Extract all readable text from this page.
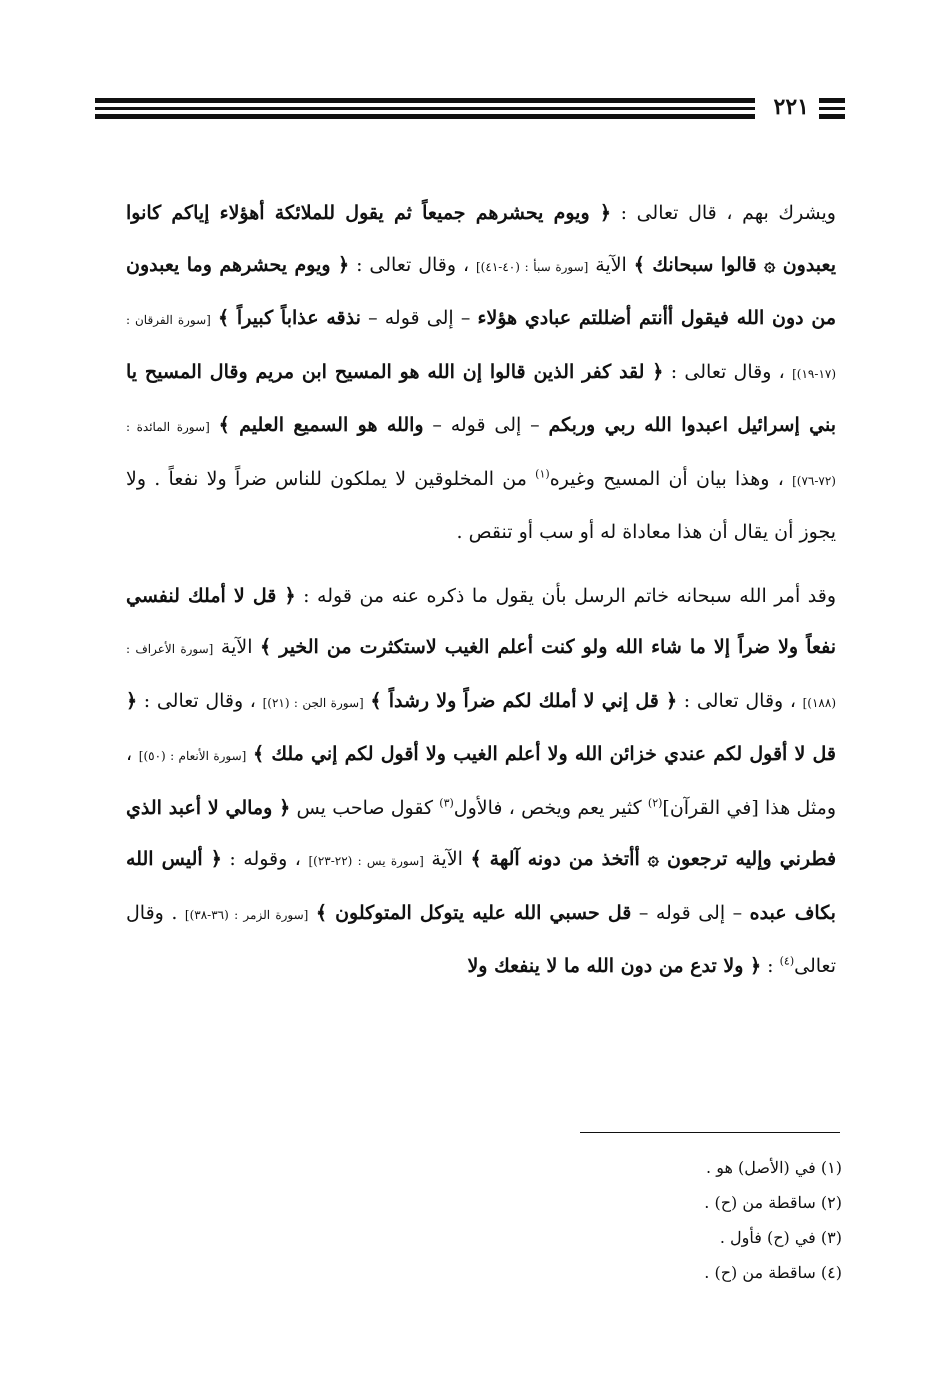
٢٢١

ويشرك بهم ، قال تعالى : ﴿ ويوم يحشرهم جميعاً ثم يقول للملائكة أهؤلاء إياكم كانوا يعبدون ۞ قالوا سبحانك ﴾ الآية [سورة سبأ : (٤٠-٤١)] ، وقال تعالى : ﴿ ويوم يحشرهم وما يعبدون من دون الله فيقول أأنتم أضللتم عبادي هؤلاء – إلى قوله – نذقه عذاباً كبيراً ﴾ [سورة الفرقان : (١٧-١٩)] ، وقال تعالى : ﴿ لقد كفر الذين قالوا إن الله هو المسيح ابن مريم وقال المسيح يا بني إسرائيل اعبدوا الله ربي وربكم – إلى قوله – والله هو السميع العليم ﴾ [سورة المائدة : (٧٢-٧٦)] ، وهذا بيان أن المسيح وغيره$^{(١)}$ من المخلوقين لا يملكون للناس ضراً ولا نفعاً . ولا يجوز أن يقال أن هذا معاداة له أو سب أو تنقص .

وقد أمر الله سبحانه خاتم الرسل بأن يقول ما ذكره عنه من قوله : ﴿ قل لا أملك لنفسي نفعاً ولا ضراً إلا ما شاء الله ولو كنت أعلم الغيب لاستكثرت من الخير ﴾ الآية [سورة الأعراف : (١٨٨)] ، وقال تعالى : ﴿ قل إني لا أملك لكم ضراً ولا رشداً ﴾ [سورة الجن : (٢١)] ، وقال تعالى : ﴿ قل لا أقول لكم عندي خزائن الله ولا أعلم الغيب ولا أقول لكم إني ملك ﴾ [سورة الأنعام : (٥٠)] ، ومثل هذا [في القرآن]$^{(٢)}$ كثير يعم ويخص ، فالأول$^{(٣)}$ كقول صاحب يس ﴿ ومالي لا أعبد الذي فطرني وإليه ترجعون ۞ أأتخذ من دونه آلهة ﴾ الآية [سورة يس : (٢٢-٢٣)] ، وقوله : ﴿ أليس الله بكاف عبده – إلى قوله – قل حسبي الله عليه يتوكل المتوكلون ﴾ [سورة الزمر : (٣٦-٣٨)] . وقال تعالى$^{(٤)}$ : ﴿ ولا تدع من دون الله ما لا ينفعك ولا

(١) في (الأصل) هو .
(٢) ساقطة من (ح) .
(٣) في (ح) فأول .
(٤) ساقطة من (ح) .
